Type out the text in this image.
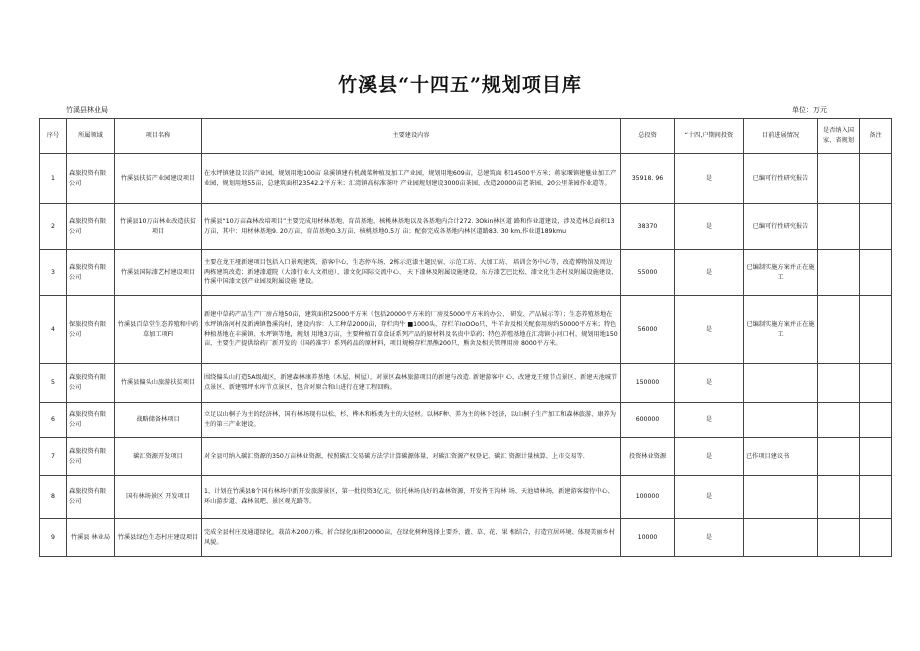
竹溪县“十四五”规划项目库
竹溪县林业局	单位：万元
序号	所属领域	项目名称	主要建设内容	总投资	“十四,户期间投资	目前进展情况	是否纳入国家、省规划	备注
1	森旅投资有限公司	竹溪县扶贫产业园建设项目	在水坪镇建设卫浴产业园，规划用地100亩 泉溪镇建有机蔬菜种植及加工产业园，规划用地609亩，总建筑面 积14500平方米；蒋家堰镇建魅业加工产业园，规划用地55亩，总建筑面积23542.2平方米；汇湾镇高标准茶叶 产业园规划建设3000亩茶园、改造20000亩老茶园、20公里茶园作业道等。	35918. 96	是	已编可行性研究报告		
2	森旅投资有限公司	竹溪县10万亩林业改造扶贫项目	竹溪县“10万亩森林改培项目”主要完成用材林基地、育苗基地、核桃林基地以及各基地内合计272. 3Okin林区道 路和作业道建设，涉及造林总面积13万亩，其中：用材林基地9. 20万亩、育苗基地0.3万亩、核桃基地0.5万 亩；配套完成各基地内林区道路83. 30 km,作业道189kmu	38370	是	已编可行性研究报告		
3	森旅投资有限公司	竹溪县国际漆艺村建设项目	主要在龙王垭新建项目包括入口景观建筑、游客中心、生态停车场、2栋示范漆主题民宿、示范工坊、大加工坊、 培训会务中心等，改造博物馆及周边两栋建筑改造；新建漆道院（大漆行业人文祖庭）、漆文化国际交流中心、 天下漆林及附属设施建设，东方漆艺巴比松、漆文化生态村及附属设施建设，竹溪中国漆文创产业园及附属设施 建设。	55000	是	已编制实施方案并正在施工		
4	保旅投资有限公司	竹溪县百草堂生态养殖和中药草加工项Fl	新建中草药产品生产厂房占地50亩，建筑面积25000平方米（包括20000平方米的厂房及5000平方米的办公、 研发、产品展示等）；生态养殖基地在水坪镇洛河村及新洲镇鲁溪沟村，建设内容：人工种草2000亩，存栏肉牛 ■1000头，存栏羊IoOOo只，牛羊舍及相关配套用房约50000平方米；特色种植基地在丰溪镇、水坪镇等地，规划 用地3万亩，主要种植百草食证系列产品的原材料及名贵中草药；特色养殖基地在汇湾镇小河口村，规划用地150 亩，主要生产提供给药厂新开发的（国药准字）系列药品的原材料，项目规模存栏黑熊200只，熊舍及相关管理用房 8000平方米。	56000	是	已编制实施方案并正在施工		
5	森旅投资有限公司	竹溪县偏头山旅游扶贫项目	围绕偏头山打造5A级战区，新建森林康养基地（木屋、树屋），对景区森林旅游项目的新建与改造. 新建游客中 心、改建龙王娅节点景区、新建天池城节点景区、新建鄂坪水库节点景区，包含对原合和山进行在建工程回购。	150000	是			
6	森旅投资有限公司	战略储备林项目	立足以山桐子为主的经济林，国有林场现有以松、杉、桦木和栎类为主的大径材。以林F种、养为主的林下经济，以山桐子生产加工和森林旅游、康养为主的第三产业建设。	600000	是			
7	森旅投资有限公司	碳汇资源开发项目	对全县可纳入碳汇资源的350万亩林业资源，按照碳汇交易碳方法学计算碳源体量，对碳汇资源产权登记、碳汇 资源计量核算、上市交易等.	投资林业资源	是	已作项目建议书		
8	森旅投资有限公司	国有林场景区 开发项目	1、计划在竹溪县8个国有林场中新开发旅游景区，第一批投资3亿元，依托林场良好的森林资源，开发皆王沟林 场、天池墙林场，新建游客接待中心、环山游步道、森林氧吧、景区观光路等。	100000	是			
9	竹溪县 林业局	竹溪县绿色生态村庄建设项目	完成全县村庄及通道绿化，栽苗木200万株，折合绿化面积20000亩，在绿化树种选择上要乔、灌、草、花、果 相结合，打造宜居环境、体现美丽乡村风貌。	10000	是			
